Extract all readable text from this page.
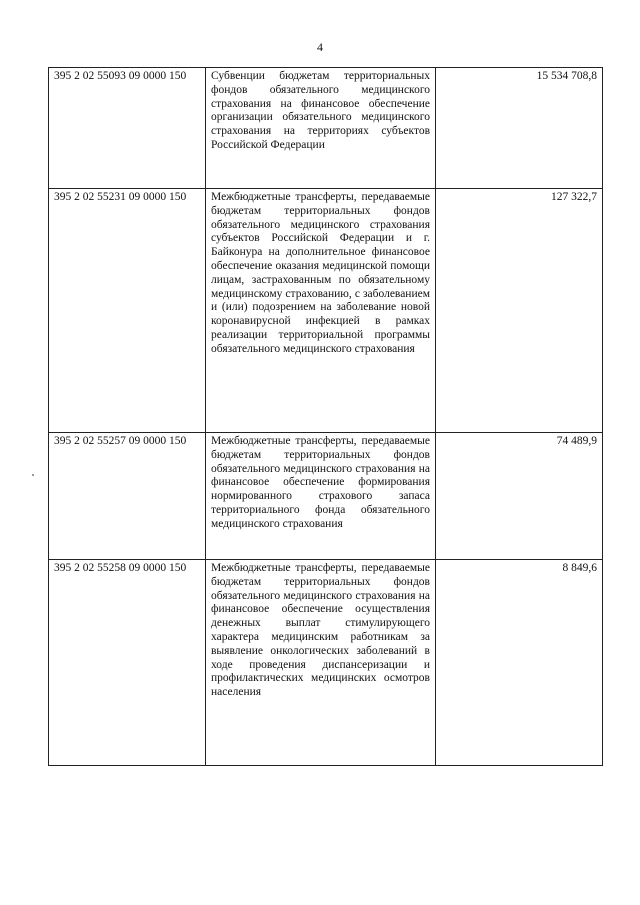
4
395 2 02 55093 09 0000 150	Субвенции бюджетам территориальных фондов обязательного медицинского страхования на финансовое обеспечение организации обязательного медицинского страхования на территориях субъектов Российской Федерации	15 534 708,8
395 2 02 55231 09 0000 150	Межбюджетные трансферты, передаваемые бюджетам территориальных фондов обязательного медицинского страхования субъектов Российской Федерации и г. Байконура на дополнительное финансовое обеспечение оказания медицинской помощи лицам, застрахованным по обязательному медицинскому страхованию, с заболеванием и (или) подозрением на заболевание новой коронавирусной инфекцией в рамках реализации территориальной программы обязательного медицинского страхования	127 322,7
395 2 02 55257 09 0000 150	Межбюджетные трансферты, передаваемые бюджетам территориальных фондов обязательного медицинского страхования на финансовое обеспечение формирования нормированного страхового запаса территориального фонда обязательного медицинского страхования	74 489,9
395 2 02 55258 09 0000 150	Межбюджетные трансферты, передаваемые бюджетам территориальных фондов обязательного медицинского страхования на финансовое обеспечение осуществления денежных выплат стимулирующего характера медицинским работникам за выявление онкологических заболеваний в ходе проведения диспансеризации и профилактических медицинских осмотров населения	8 849,6
